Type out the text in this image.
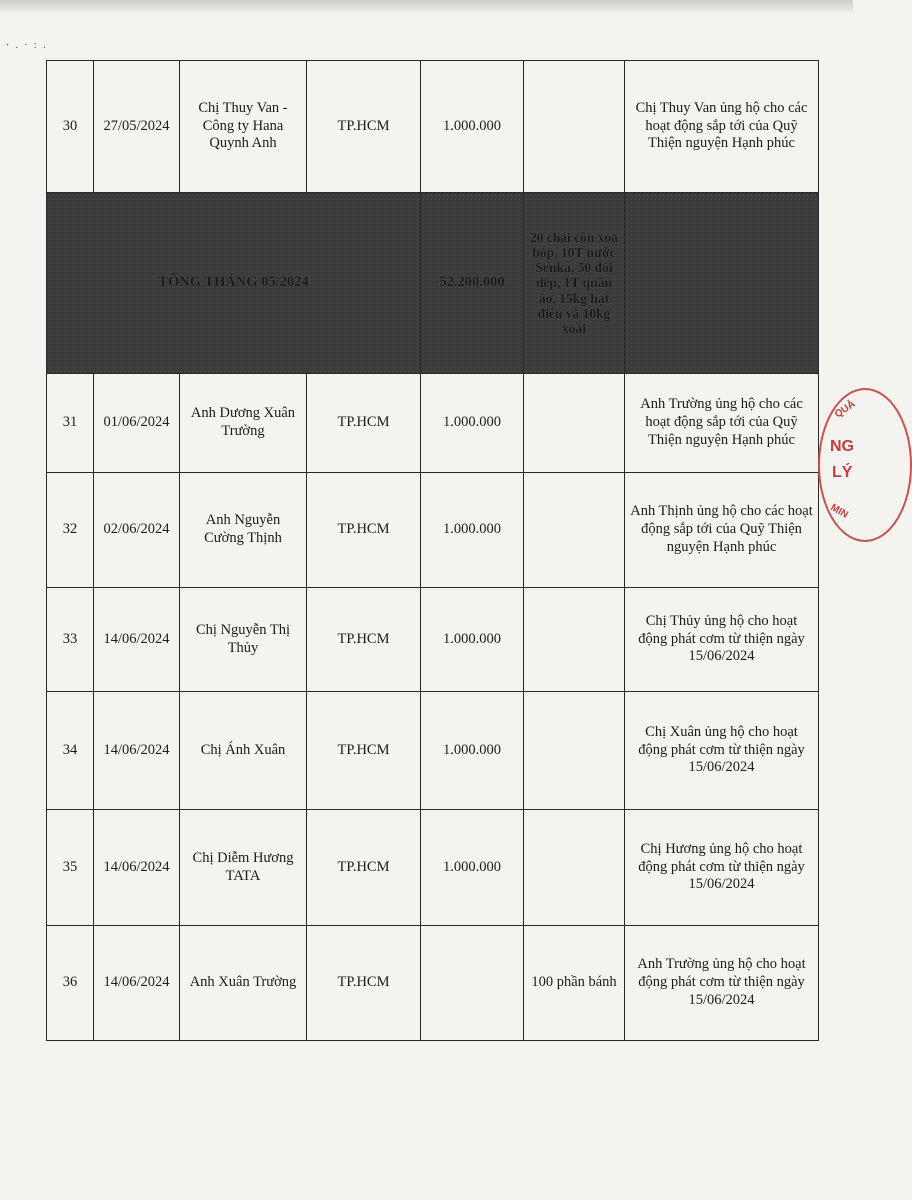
·.·:.
30	27/05/2024	Chị Thuy Van - Công ty Hana Quynh Anh	TP.HCM	1.000.000		Chị Thuy Van ủng hộ cho các hoạt động sắp tới của Quỹ Thiện nguyện Hạnh phúc
TỔNG THÁNG 05/2024				52.200.000	20 chai cồn xoa bóp, 10T nước Senka, 50 đôi dép, 1T quần áo, 15kg hạt điều và 10kg xoài	
31	01/06/2024	Anh Dương Xuân Trường	TP.HCM	1.000.000		Anh Trường ủng hộ cho các hoạt động sắp tới của Quỹ Thiện nguyện Hạnh phúc
32	02/06/2024	Anh Nguyễn Cường Thịnh	TP.HCM	1.000.000		Anh Thịnh ủng hộ cho các hoạt động sắp tới của Quỹ Thiện nguyện Hạnh phúc
33	14/06/2024	Chị Nguyễn Thị Thủy	TP.HCM	1.000.000		Chị Thủy ủng hộ cho hoạt động phát cơm từ thiện ngày 15/06/2024
34	14/06/2024	Chị Ánh Xuân	TP.HCM	1.000.000		Chị Xuân ủng hộ cho hoạt động phát cơm từ thiện ngày 15/06/2024
35	14/06/2024	Chị Diễm Hương TATA	TP.HCM	1.000.000		Chị Hương ủng hộ cho hoạt động phát cơm từ thiện ngày 15/06/2024
36	14/06/2024	Anh Xuân Trường	TP.HCM		100 phần bánh	Anh Trường ủng hộ cho hoạt động phát cơm từ thiện ngày 15/06/2024
QUẢ
NG
LÝ
MIN
